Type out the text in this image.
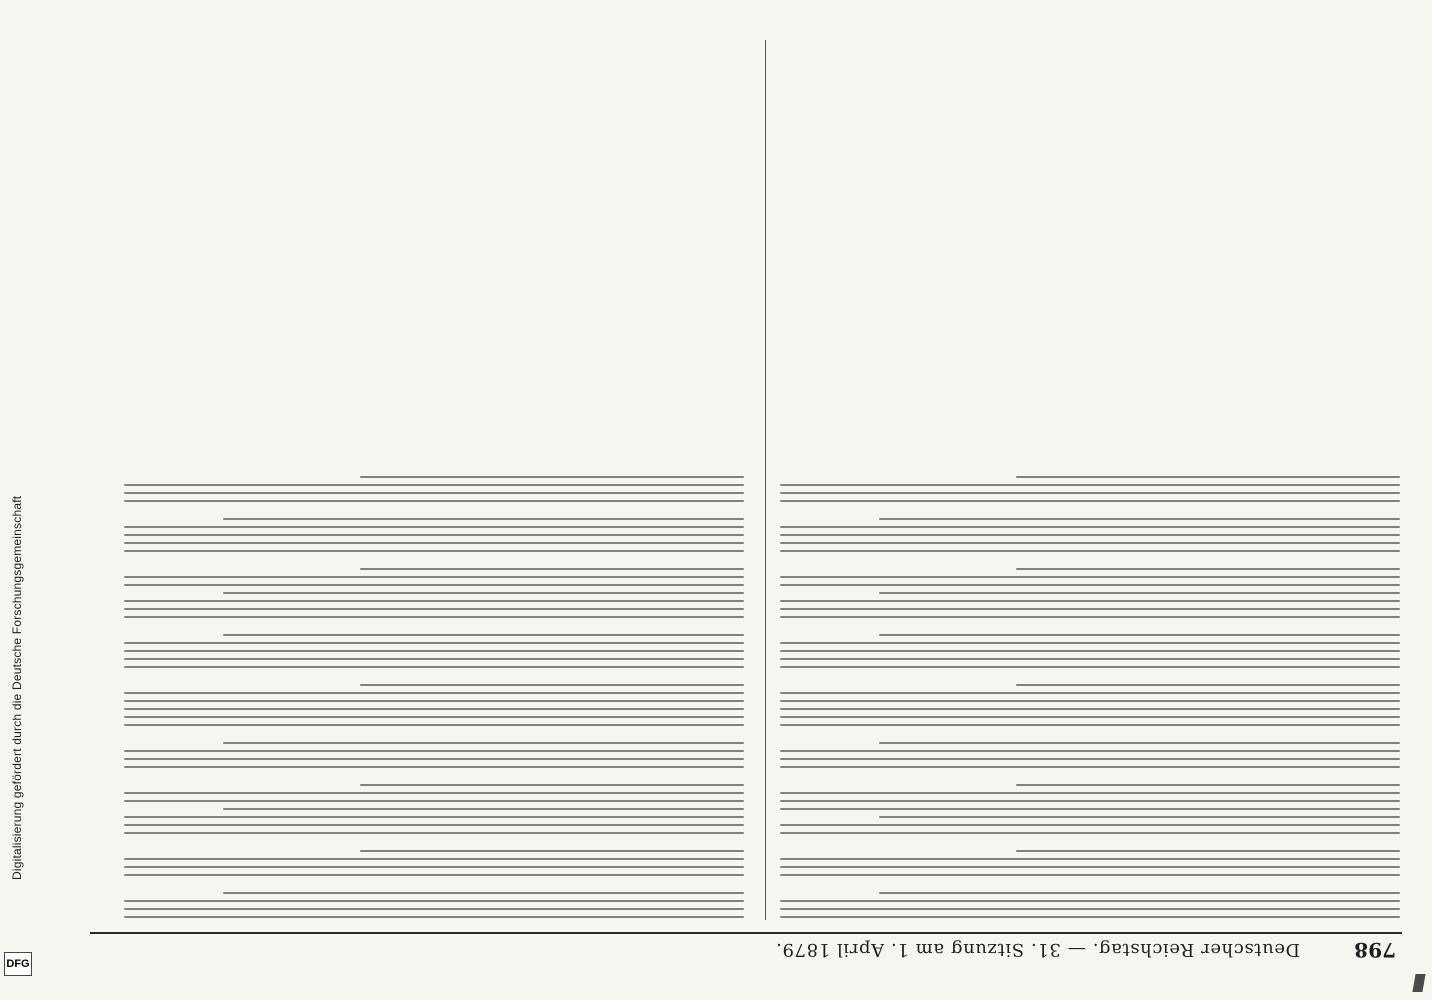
Digitalisierung gefördert durch die Deutsche Forschungsgemeinschaft
DFG
798
Deutscher Reichstag. — 31. Sitzung am 1. April 1879.
